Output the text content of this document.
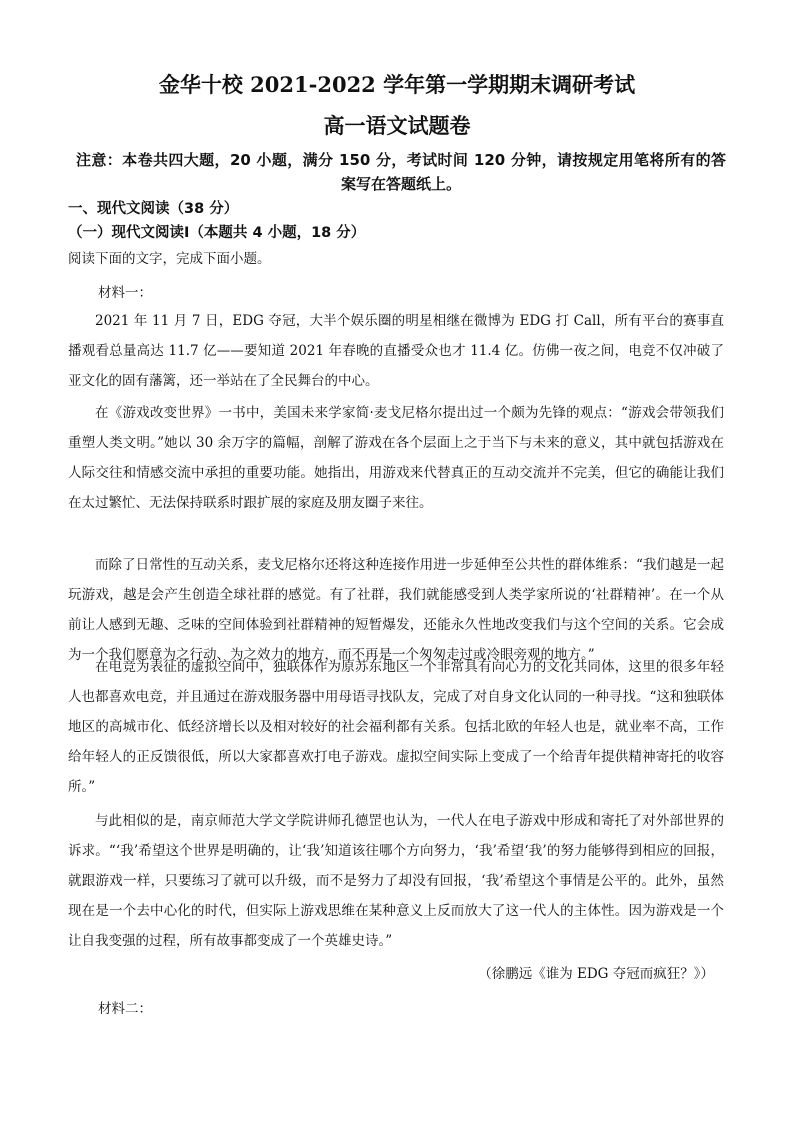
金华十校 2021-2022 学年第一学期期末调研考试
高一语文试题卷
注意：本卷共四大题，20 小题，满分 150 分，考试时间 120 分钟，请按规定用笔将所有的答
案写在答题纸上。
一、现代文阅读（38 分）
（一）现代文阅读Ⅰ（本题共 4 小题，18 分）
阅读下面的文字，完成下面小题。
材料一：

2021 年 11 月 7 日，EDG 夺冠，大半个娱乐圈的明星相继在微博为 EDG 打 Call，所有平台的赛事直播观看总量高达 11.7 亿——要知道 2021 年春晚的直播受众也才 11.4 亿。仿佛一夜之间，电竞不仅冲破了亚文化的固有藩篱，还一举站在了全民舞台的中心。

在《游戏改变世界》一书中，美国未来学家简·麦戈尼格尔提出过一个颇为先锋的观点：“游戏会带领我们重塑人类文明。”她以 30 余万字的篇幅，剖解了游戏在各个层面上之于当下与未来的意义，其中就包括游戏在人际交往和情感交流中承担的重要功能。她指出，用游戏来代替真正的互动交流并不完美，但它的确能让我们在太过繁忙、无法保持联系时跟扩展的家庭及朋友圈子来往。

而除了日常性的互动关系，麦戈尼格尔还将这种连接作用进一步延伸至公共性的群体维系：“我们越是一起玩游戏，越是会产生创造全球社群的感觉。有了社群，我们就能感受到人类学家所说的‘社群精神’。在一个从前让人感到无趣、乏味的空间体验到社群精神的短暂爆发，还能永久性地改变我们与这个空间的关系。它会成为一个我们愿意为之行动、为之效力的地方，而不再是一个匆匆走过或冷眼旁观的地方。”

在电竞为表征的虚拟空间中，独联体作为原苏东地区一个非常具有向心力的文化共同体，这里的很多年轻人也都喜欢电竞，并且通过在游戏服务器中用母语寻找队友，完成了对自身文化认同的一种寻找。“这和独联体地区的高城市化、低经济增长以及相对较好的社会福利都有关系。包括北欧的年轻人也是，就业率不高，工作给年轻人的正反馈很低，所以大家都喜欢打电子游戏。虚拟空间实际上变成了一个给青年提供精神寄托的收容所。”

与此相似的是，南京师范大学文学院讲师孔德罡也认为，一代人在电子游戏中形成和寄托了对外部世界的诉求。“‘我’希望这个世界是明确的，让‘我’知道该往哪个方向努力，‘我’希望‘我’的努力能够得到相应的回报，就跟游戏一样，只要练习了就可以升级，而不是努力了却没有回报，‘我’希望这个事情是公平的。此外，虽然现在是一个去中心化的时代，但实际上游戏思维在某种意义上反而放大了这一代人的主体性。因为游戏是一个让自我变强的过程，所有故事都变成了一个英雄史诗。”

（徐鹏远《谁为 EDG 夺冠而疯狂？》）
材料二：
